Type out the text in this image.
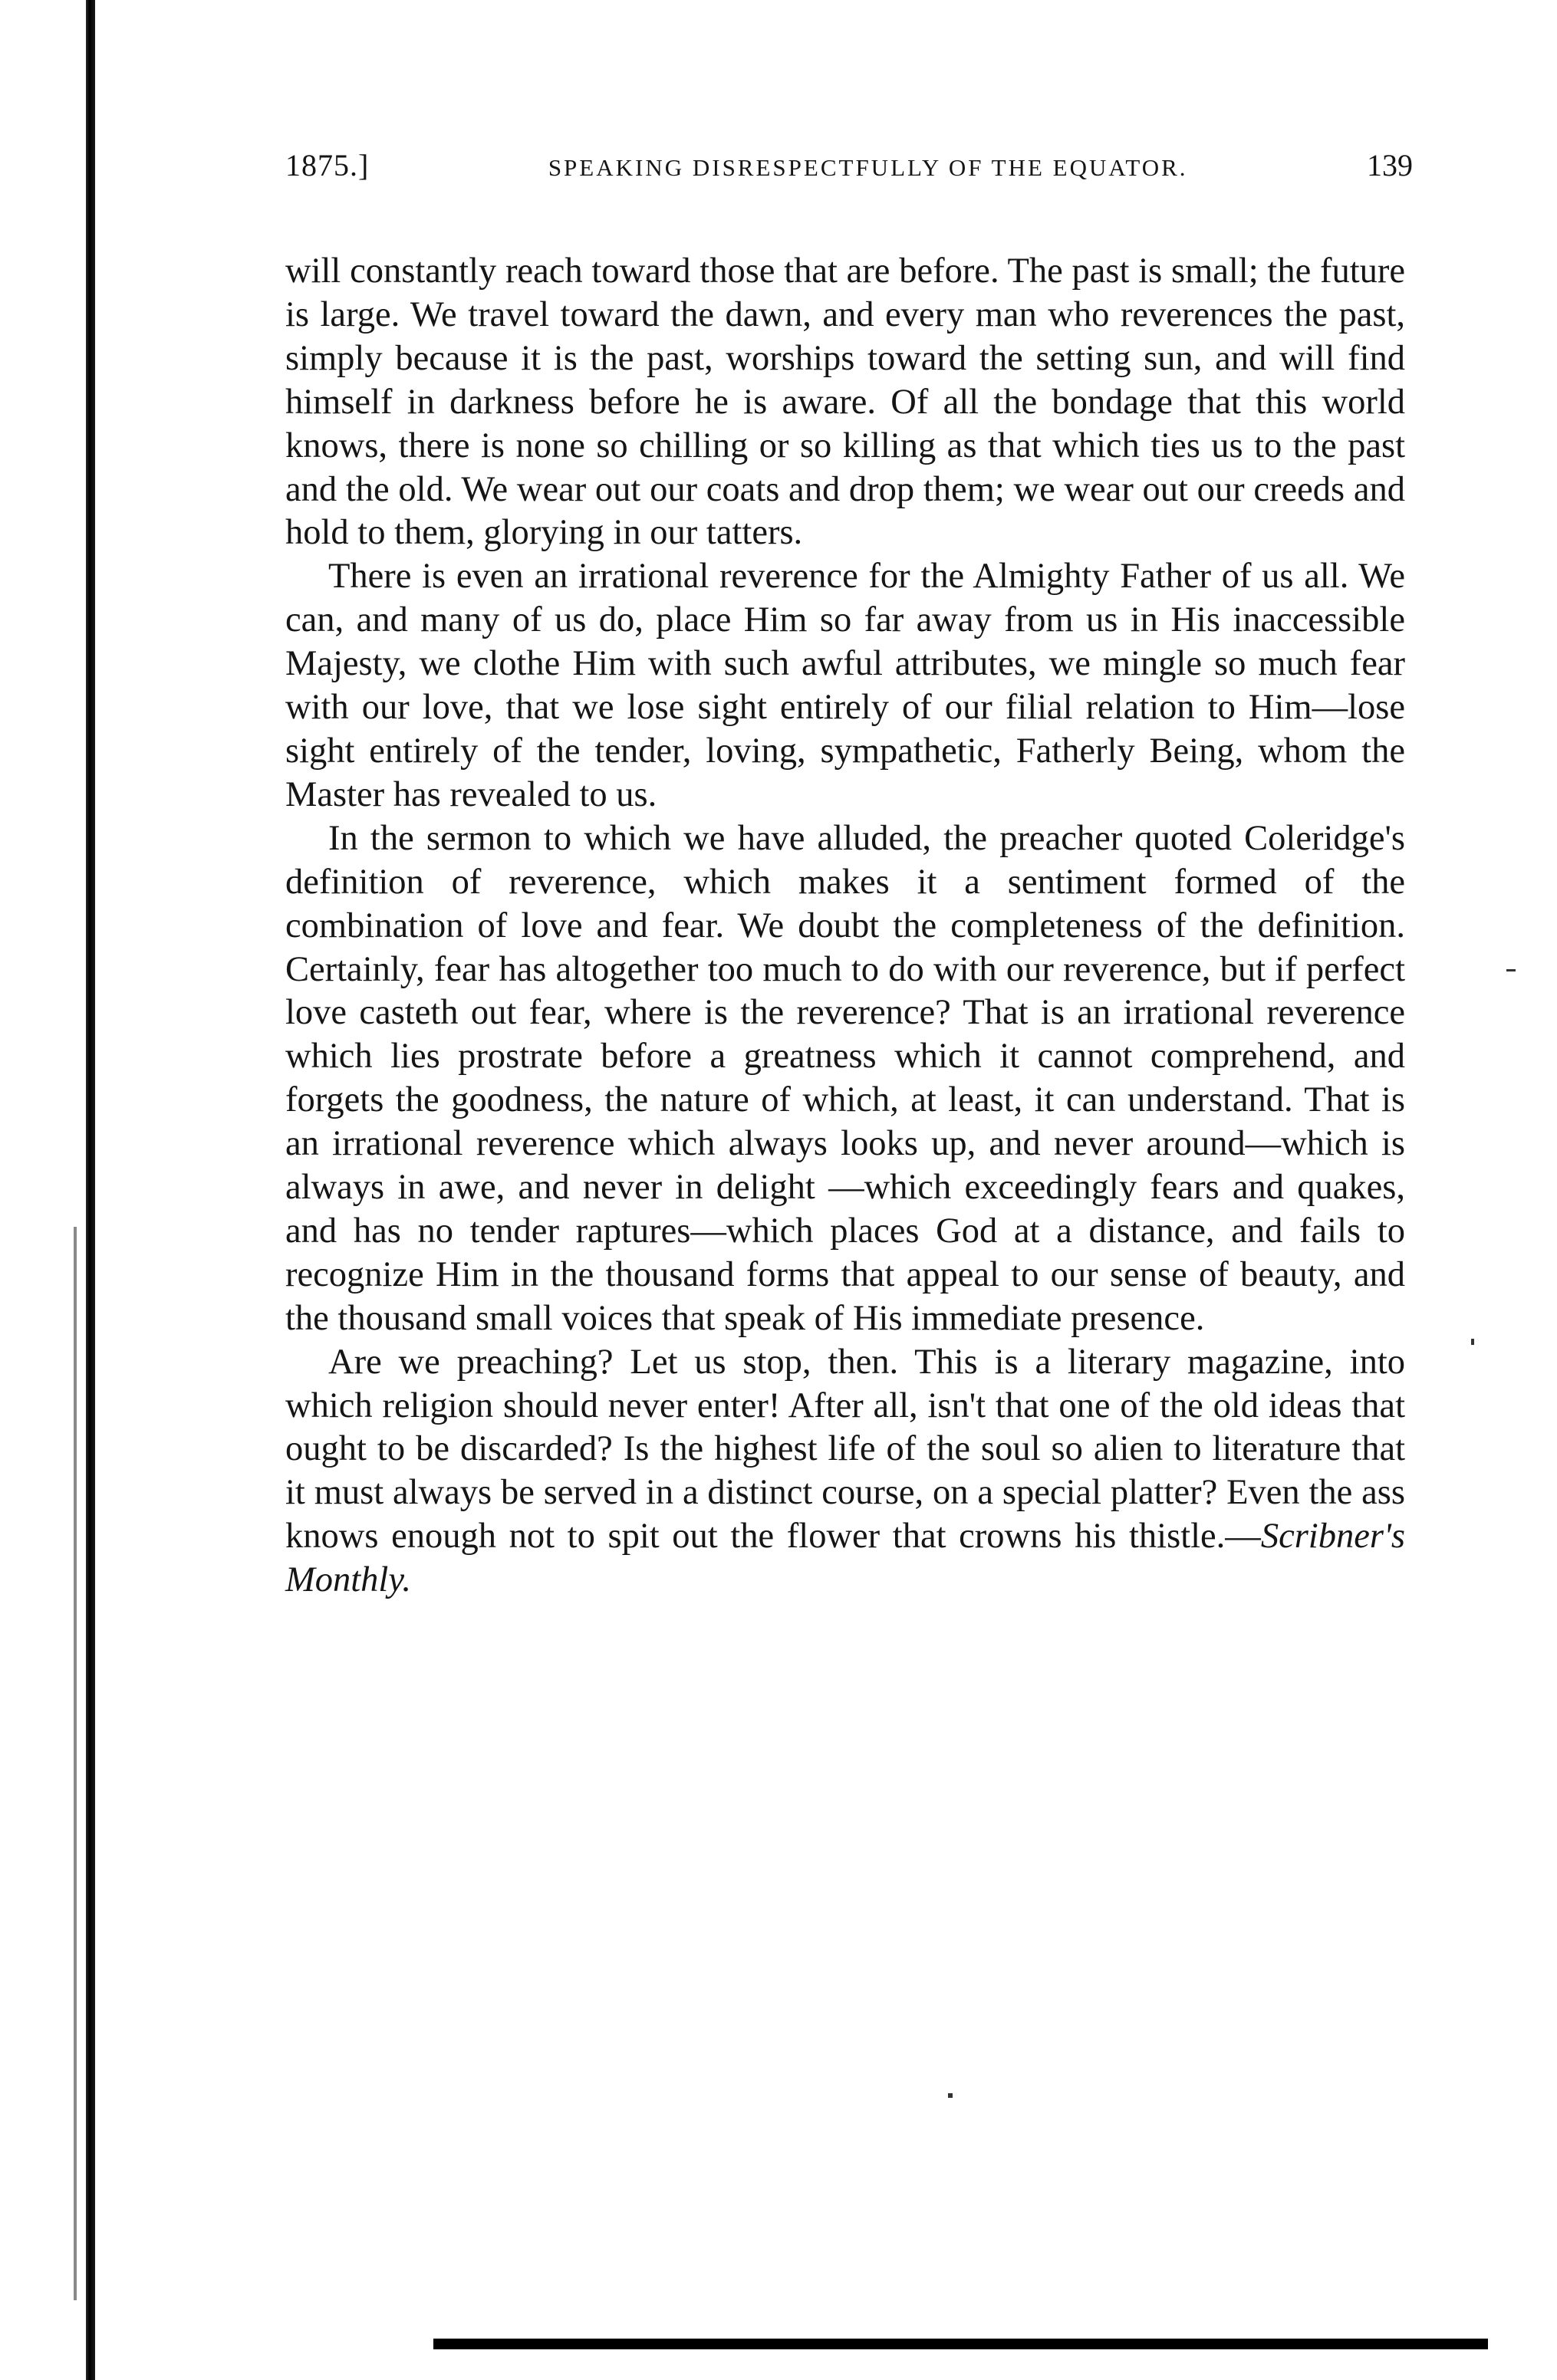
1875.]	SPEAKING DISRESPECTFULLY OF THE EQUATOR.	139

will constantly reach toward those that are before. The past is small; the future is large. We travel toward the dawn, and every man who reverences the past, simply because it is the past, worships toward the setting sun, and will find himself in darkness before he is aware. Of all the bondage that this world knows, there is none so chilling or so killing as that which ties us to the past and the old. We wear out our coats and drop them; we wear out our creeds and hold to them, glorying in our tatters.

There is even an irrational reverence for the Almighty Father of us all. We can, and many of us do, place Him so far away from us in His inaccessible Majesty, we clothe Him with such awful attributes, we mingle so much fear with our love, that we lose sight entirely of our filial relation to Him—lose sight entirely of the tender, loving, sympathetic, Fatherly Being, whom the Master has revealed to us.

In the sermon to which we have alluded, the preacher quoted Coleridge's definition of reverence, which makes it a sentiment formed of the combination of love and fear. We doubt the completeness of the definition. Certainly, fear has altogether too much to do with our reverence, but if perfect love casteth out fear, where is the reverence? That is an irrational reverence which lies prostrate before a greatness which it cannot comprehend, and forgets the goodness, the nature of which, at least, it can understand. That is an irrational reverence which always looks up, and never around—which is always in awe, and never in delight —which exceedingly fears and quakes, and has no tender raptures—which places God at a distance, and fails to recognize Him in the thousand forms that appeal to our sense of beauty, and the thousand small voices that speak of His immediate presence.

Are we preaching? Let us stop, then. This is a literary magazine, into which religion should never enter! After all, isn't that one of the old ideas that ought to be discarded? Is the highest life of the soul so alien to literature that it must always be served in a distinct course, on a special platter? Even the ass knows enough not to spit out the flower that crowns his thistle.—Scribner's Monthly.
